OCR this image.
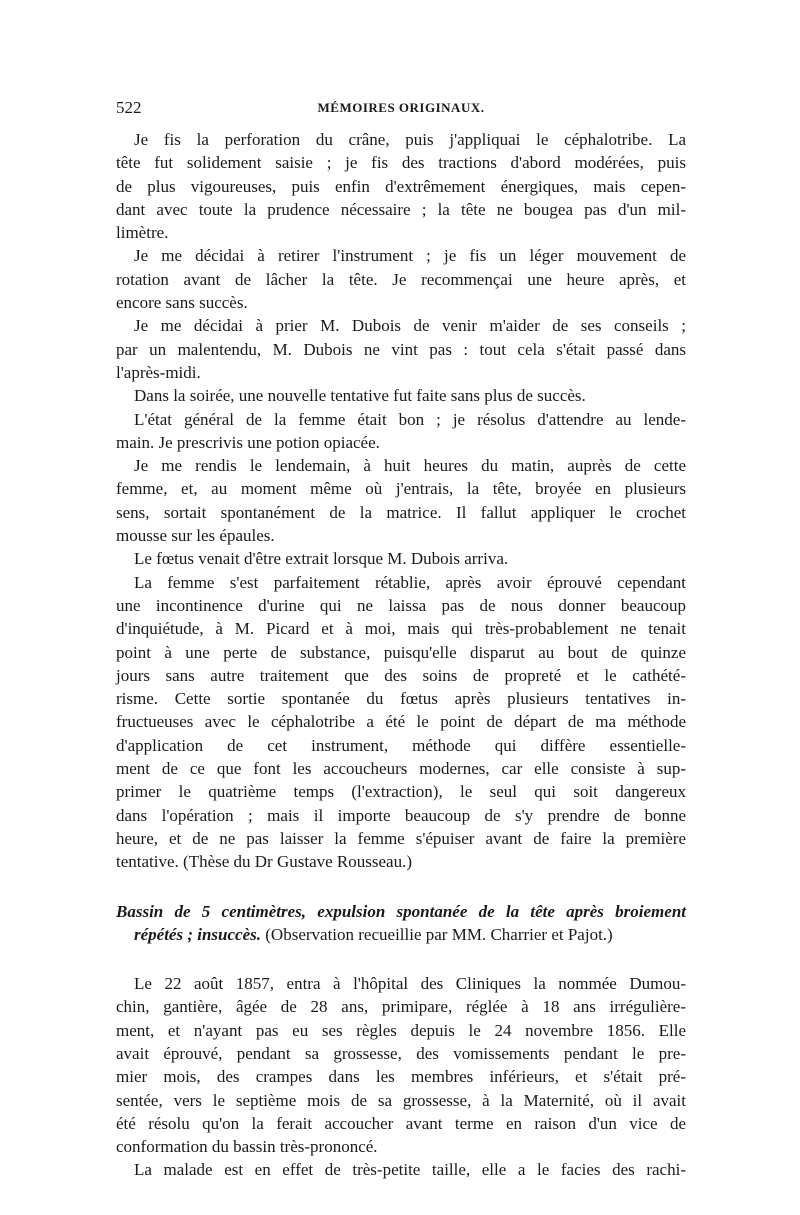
522	MÉMOIRES ORIGINAUX.
Je fis la perforation du crâne, puis j'appliquai le céphalotribe. La
tête fut solidement saisie ; je fis des tractions d'abord modérées, puis
de plus vigoureuses, puis enfin d'extrêmement énergiques, mais cepen-
dant avec toute la prudence nécessaire ; la tête ne bougea pas d'un mil-
limètre.
Je me décidai à retirer l'instrument ; je fis un léger mouvement de
rotation avant de lâcher la tête. Je recommençai une heure après, et
encore sans succès.
Je me décidai à prier M. Dubois de venir m'aider de ses conseils ;
par un malentendu, M. Dubois ne vint pas : tout cela s'était passé dans
l'après-midi.
Dans la soirée, une nouvelle tentative fut faite sans plus de succès.
L'état général de la femme était bon ; je résolus d'attendre au lende-
main. Je prescrivis une potion opiacée.
Je me rendis le lendemain, à huit heures du matin, auprès de cette
femme, et, au moment même où j'entrais, la tête, broyée en plusieurs
sens, sortait spontanément de la matrice. Il fallut appliquer le crochet
mousse sur les épaules.
Le fœtus venait d'être extrait lorsque M. Dubois arriva.
La femme s'est parfaitement rétablie, après avoir éprouvé cependant
une incontinence d'urine qui ne laissa pas de nous donner beaucoup
d'inquiétude, à M. Picard et à moi, mais qui très-probablement ne tenait
point à une perte de substance, puisqu'elle disparut au bout de quinze
jours sans autre traitement que des soins de propreté et le cathété-
risme. Cette sortie spontanée du fœtus après plusieurs tentatives in-
fructueuses avec le céphalotribe a été le point de départ de ma méthode
d'application de cet instrument, méthode qui diffère essentielle-
ment de ce que font les accoucheurs modernes, car elle consiste à sup-
primer le quatrième temps (l'extraction), le seul qui soit dangereux
dans l'opération ; mais il importe beaucoup de s'y prendre de bonne
heure, et de ne pas laisser la femme s'épuiser avant de faire la première
tentative. (Thèse du Dr Gustave Rousseau.)
Bassin de 5 centimètres, expulsion spontanée de la tête après broiement
répétés ; insuccès. (Observation recueillie par MM. Charrier et Pajot.)
Le 22 août 1857, entra à l'hôpital des Cliniques la nommée Dumou-
chin, gantière, âgée de 28 ans, primipare, réglée à 18 ans irrégulière-
ment, et n'ayant pas eu ses règles depuis le 24 novembre 1856. Elle
avait éprouvé, pendant sa grossesse, des vomissements pendant le pre-
mier mois, des crampes dans les membres inférieurs, et s'était pré-
sentée, vers le septième mois de sa grossesse, à la Maternité, où il avait
été résolu qu'on la ferait accoucher avant terme en raison d'un vice de
conformation du bassin très-prononcé.
La malade est en effet de très-petite taille, elle a le facies des rachi-
